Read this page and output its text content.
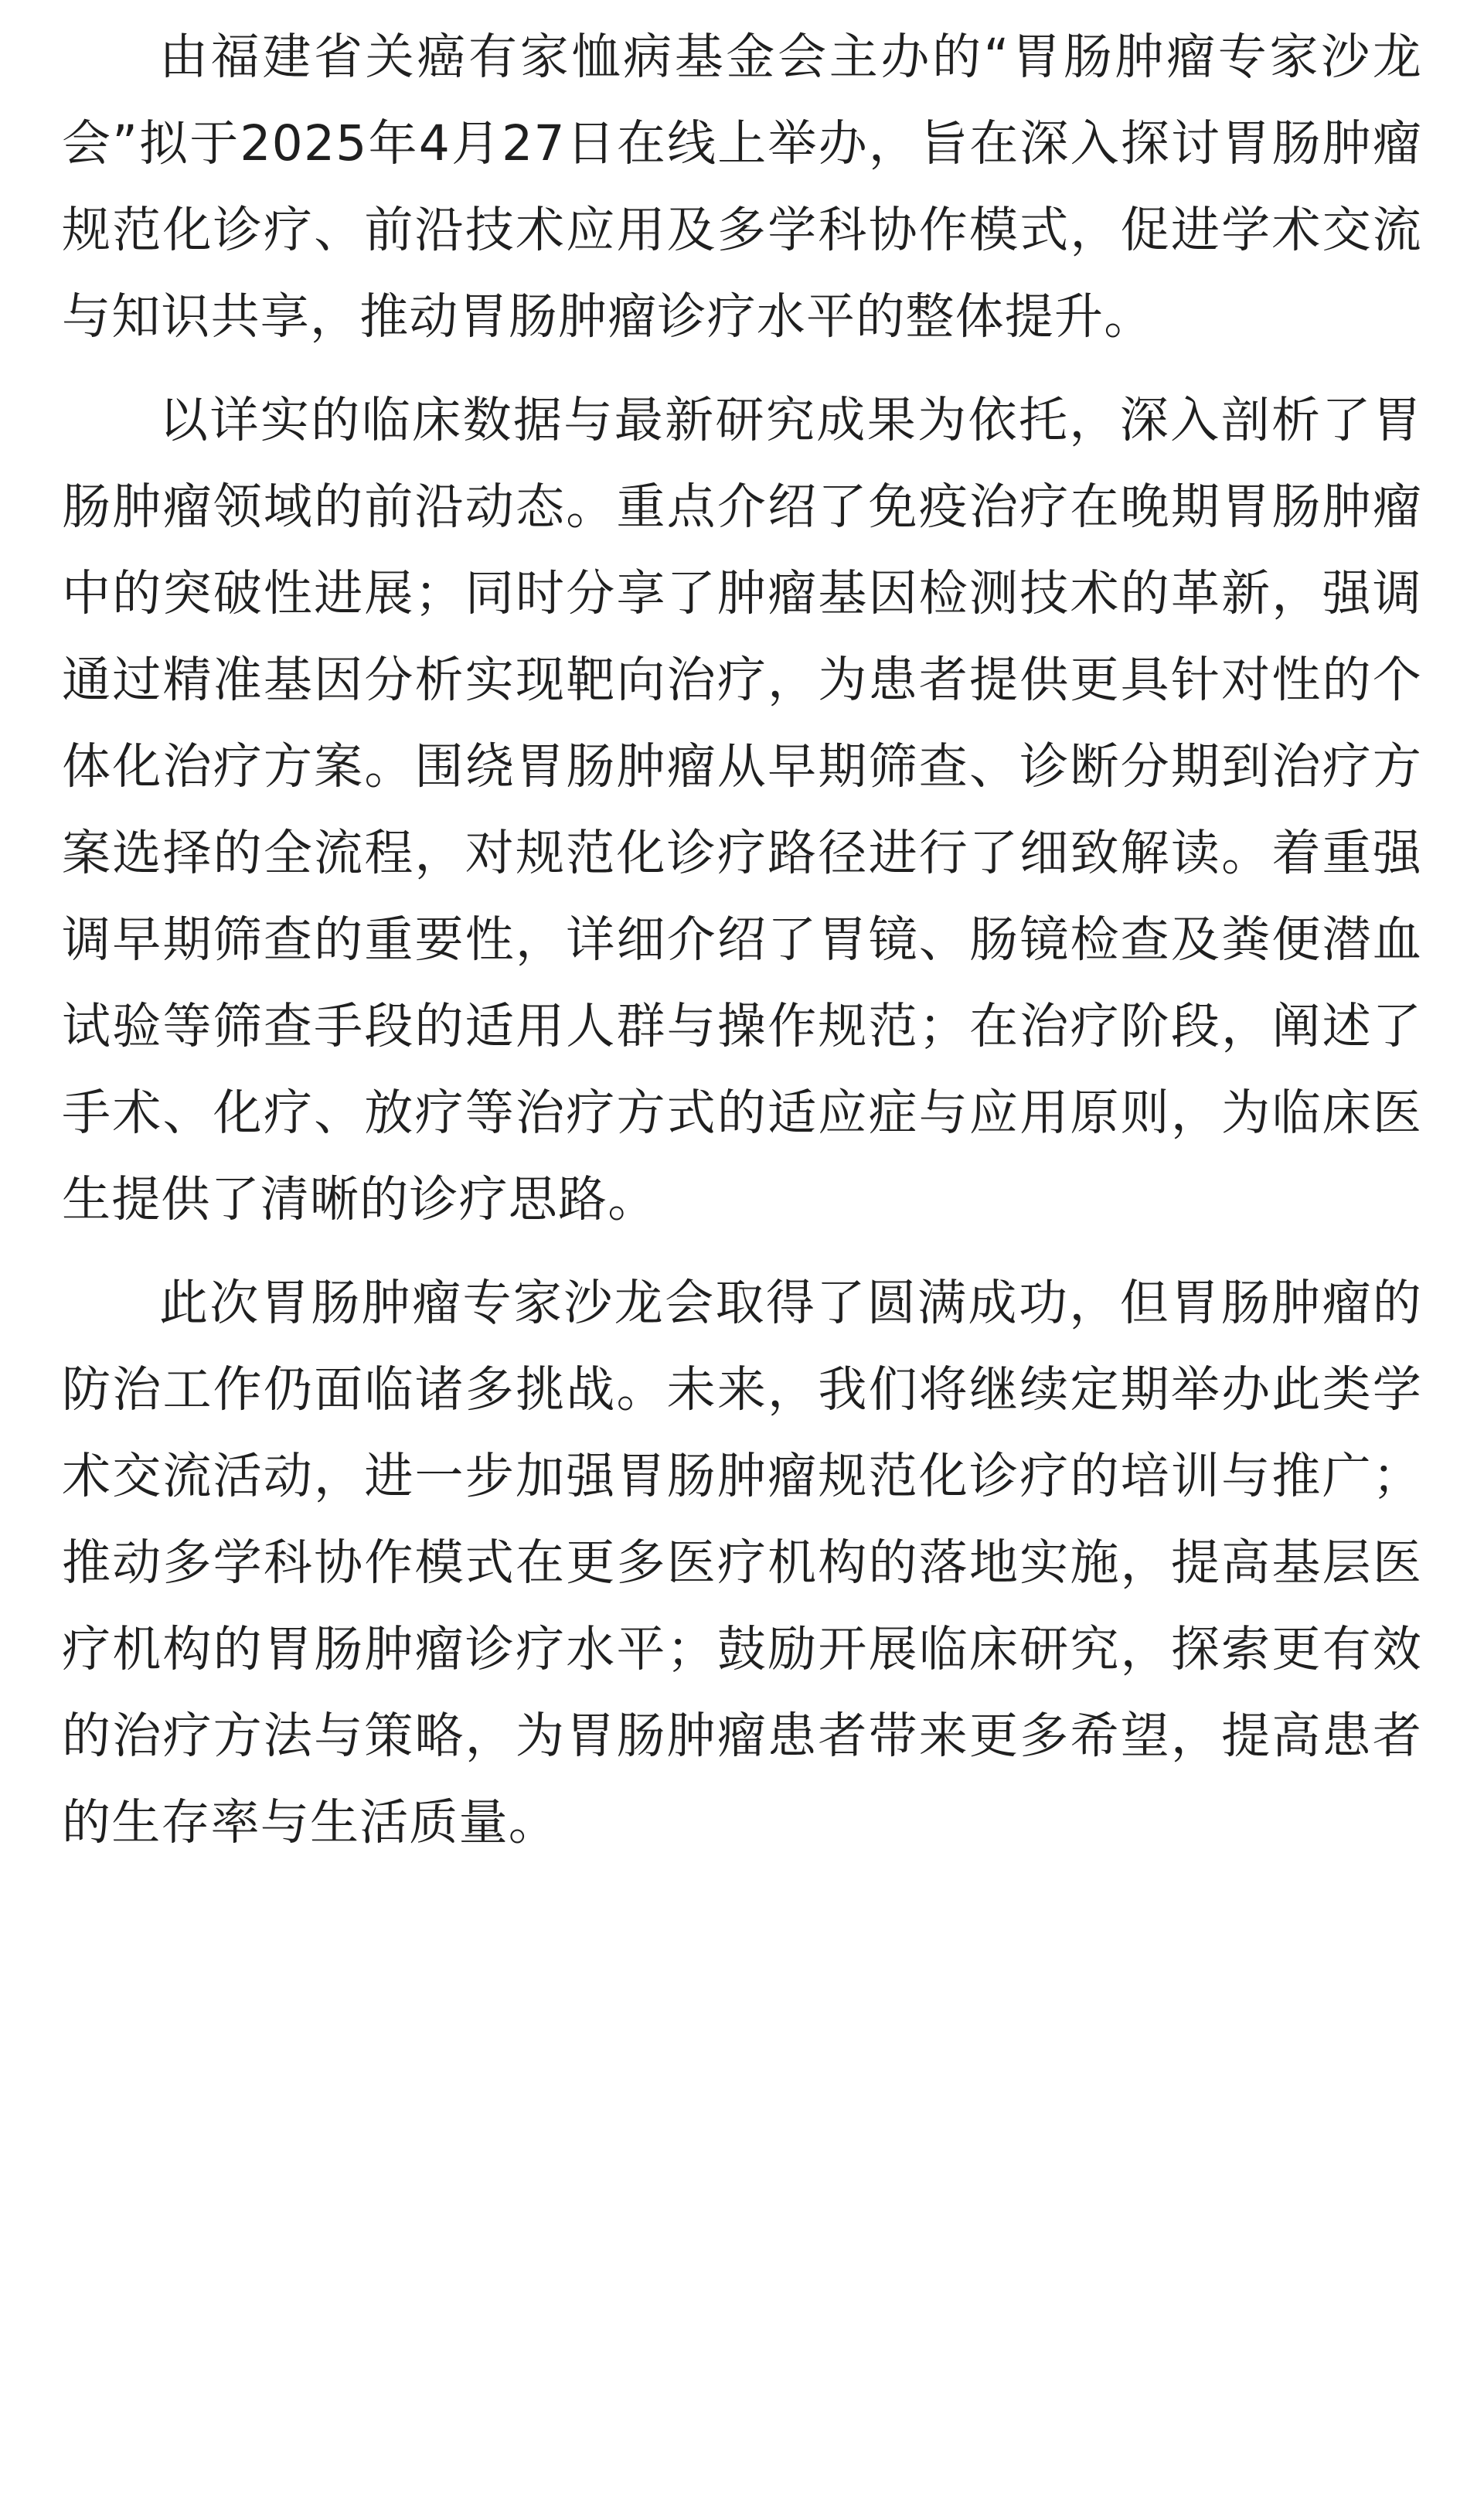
由福建省关癌有家恤病基金会主办的“胃肠肿瘤专家沙龙会”拟于2025年4月27日在线上举办，旨在深入探讨胃肠肿瘤规范化诊疗、前沿技术应用及多学科协作模式，促进学术交流与知识共享，推动胃肠肿瘤诊疗水平的整体提升。

以详实的临床数据与最新研究成果为依托，深入剖析了胃肠肿瘤领域的前沿动态。重点介绍了免疫治疗在晚期胃肠肿瘤中的突破性进展；同时分享了肿瘤基因检测技术的革新，强调通过精准基因分析实现靶向治疗，为患者提供更具针对性的个体化治疗方案。围绕胃肠肿瘤从早期筛查、诊断分期到治疗方案选择的全流程，对规范化诊疗路径进行了细致解读。着重强调早期筛查的重要性，详细介绍了胃镜、肠镜检查及粪便潜血试验等筛查手段的适用人群与操作规范；在治疗阶段，阐述了手术、化疗、放疗等治疗方式的适应症与应用原则，为临床医生提供了清晰的诊疗思路。

此次胃肠肿瘤专家沙龙会取得了圆满成功，但胃肠肿瘤的防治工作仍面临诸多挑战。未来，我们将继续定期举办此类学术交流活动，进一步加强胃肠肿瘤规范化诊疗的培训与推广；推动多学科协作模式在更多医疗机构的落地实施，提高基层医疗机构的胃肠肿瘤诊疗水平；鼓励开展临床研究，探索更有效的治疗方法与策略，为胃肠肿瘤患者带来更多希望，提高患者的生存率与生活质量。
